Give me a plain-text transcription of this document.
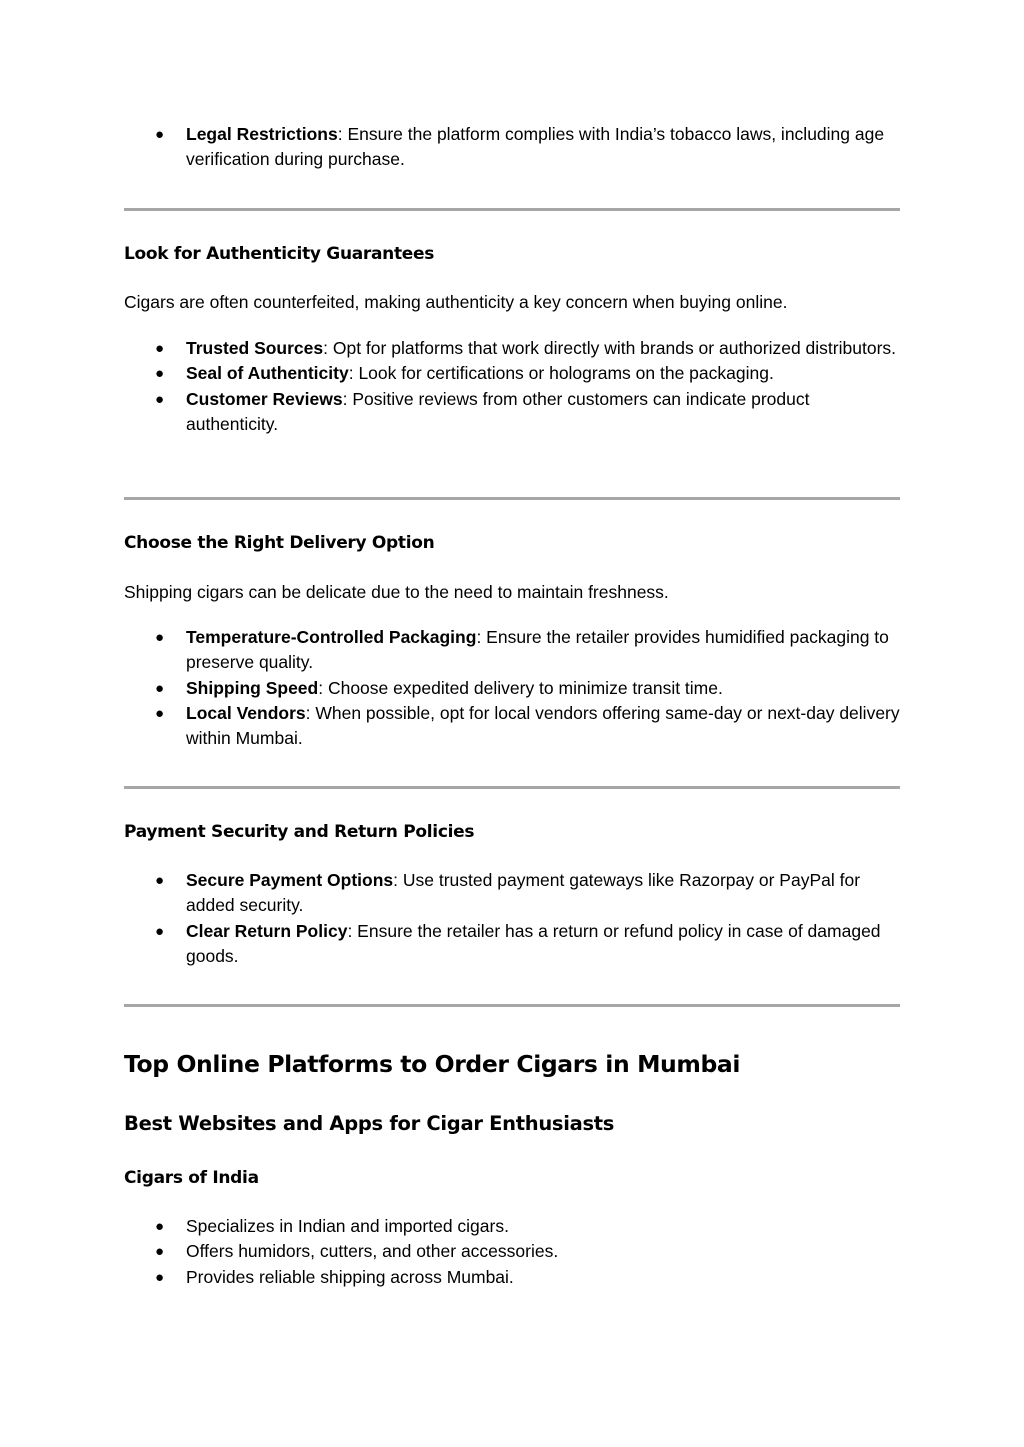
● Legal Restrictions: Ensure the platform complies with India’s tobacco laws, including age verification during purchase.
Look for Authenticity Guarantees
Cigars are often counterfeited, making authenticity a key concern when buying online.
● Trusted Sources: Opt for platforms that work directly with brands or authorized distributors.
● Seal of Authenticity: Look for certifications or holograms on the packaging.
● Customer Reviews: Positive reviews from other customers can indicate product authenticity.
Choose the Right Delivery Option
Shipping cigars can be delicate due to the need to maintain freshness.
● Temperature-Controlled Packaging: Ensure the retailer provides humidified packaging to preserve quality.
● Shipping Speed: Choose expedited delivery to minimize transit time.
● Local Vendors: When possible, opt for local vendors offering same-day or next-day delivery within Mumbai.
Payment Security and Return Policies
● Secure Payment Options: Use trusted payment gateways like Razorpay or PayPal for added security.
● Clear Return Policy: Ensure the retailer has a return or refund policy in case of damaged goods.
Top Online Platforms to Order Cigars in Mumbai
Best Websites and Apps for Cigar Enthusiasts
Cigars of India
● Specializes in Indian and imported cigars.
● Offers humidors, cutters, and other accessories.
● Provides reliable shipping across Mumbai.
